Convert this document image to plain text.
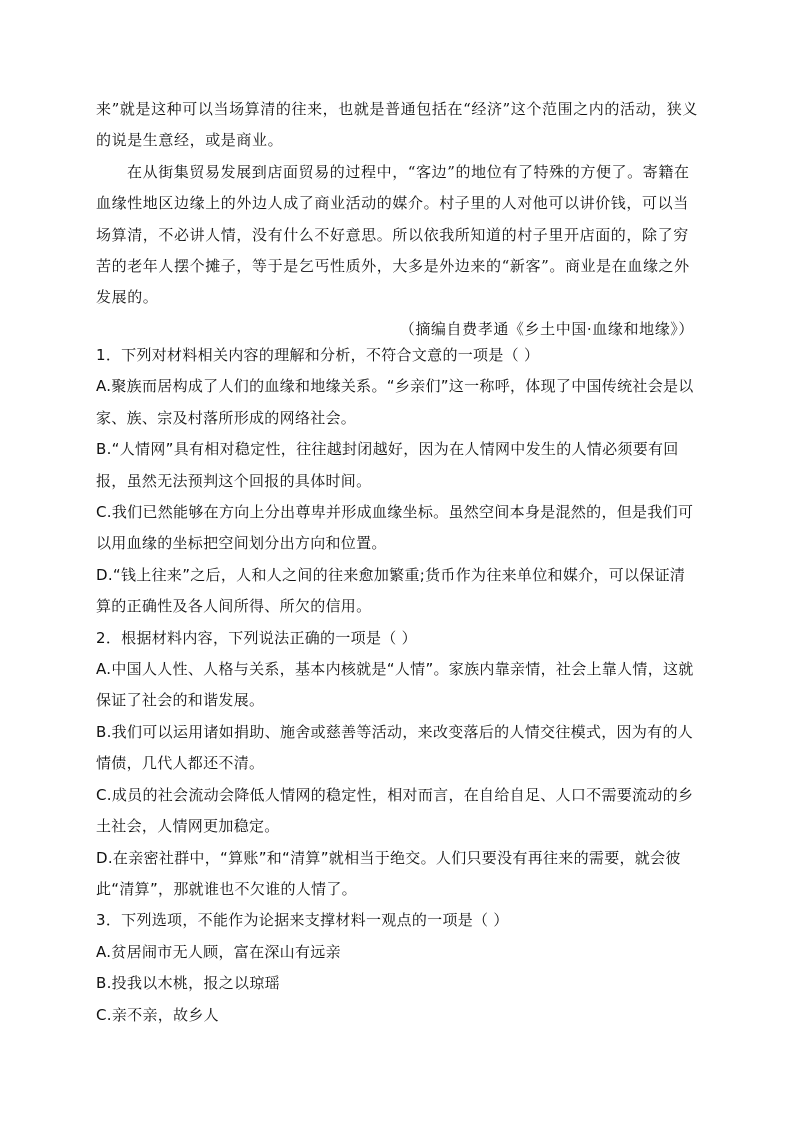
来”就是这种可以当场算清的往来，也就是普通包括在“经济”这个范围之内的活动，狭义的说是生意经，或是商业。

在从街集贸易发展到店面贸易的过程中，“客边”的地位有了特殊的方便了。寄籍在血缘性地区边缘上的外边人成了商业活动的媒介。村子里的人对他可以讲价钱，可以当场算清，不必讲人情，没有什么不好意思。所以依我所知道的村子里开店面的，除了穷苦的老年人摆个摊子，等于是乞丐性质外，大多是外边来的“新客”。商业是在血缘之外发展的。

（摘编自费孝通《乡土中国·血缘和地缘》）

1．下列对材料相关内容的理解和分析，不符合文意的一项是（ ）

A.聚族而居构成了人们的血缘和地缘关系。“乡亲们”这一称呼，体现了中国传统社会是以家、族、宗及村落所形成的网络社会。

B.“人情网”具有相对稳定性，往往越封闭越好，因为在人情网中发生的人情必须要有回报，虽然无法预判这个回报的具体时间。

C.我们已然能够在方向上分出尊卑并形成血缘坐标。虽然空间本身是混然的，但是我们可以用血缘的坐标把空间划分出方向和位置。

D.“钱上往来”之后，人和人之间的往来愈加繁重;货币作为往来单位和媒介，可以保证清算的正确性及各人间所得、所欠的信用。

2．根据材料内容，下列说法正确的一项是（ ）

A.中国人人性、人格与关系，基本内核就是“人情”。家族内靠亲情，社会上靠人情，这就保证了社会的和谐发展。

B.我们可以运用诸如捐助、施舍或慈善等活动，来改变落后的人情交往模式，因为有的人情债，几代人都还不清。

C.成员的社会流动会降低人情网的稳定性，相对而言，在自给自足、人口不需要流动的乡土社会，人情网更加稳定。

D.在亲密社群中，“算账”和“清算”就相当于绝交。人们只要没有再往来的需要，就会彼此“清算”，那就谁也不欠谁的人情了。

3．下列选项，不能作为论据来支撑材料一观点的一项是（ ）

A.贫居闹市无人顾，富在深山有远亲

B.投我以木桃，报之以琼瑶

C.亲不亲，故乡人
